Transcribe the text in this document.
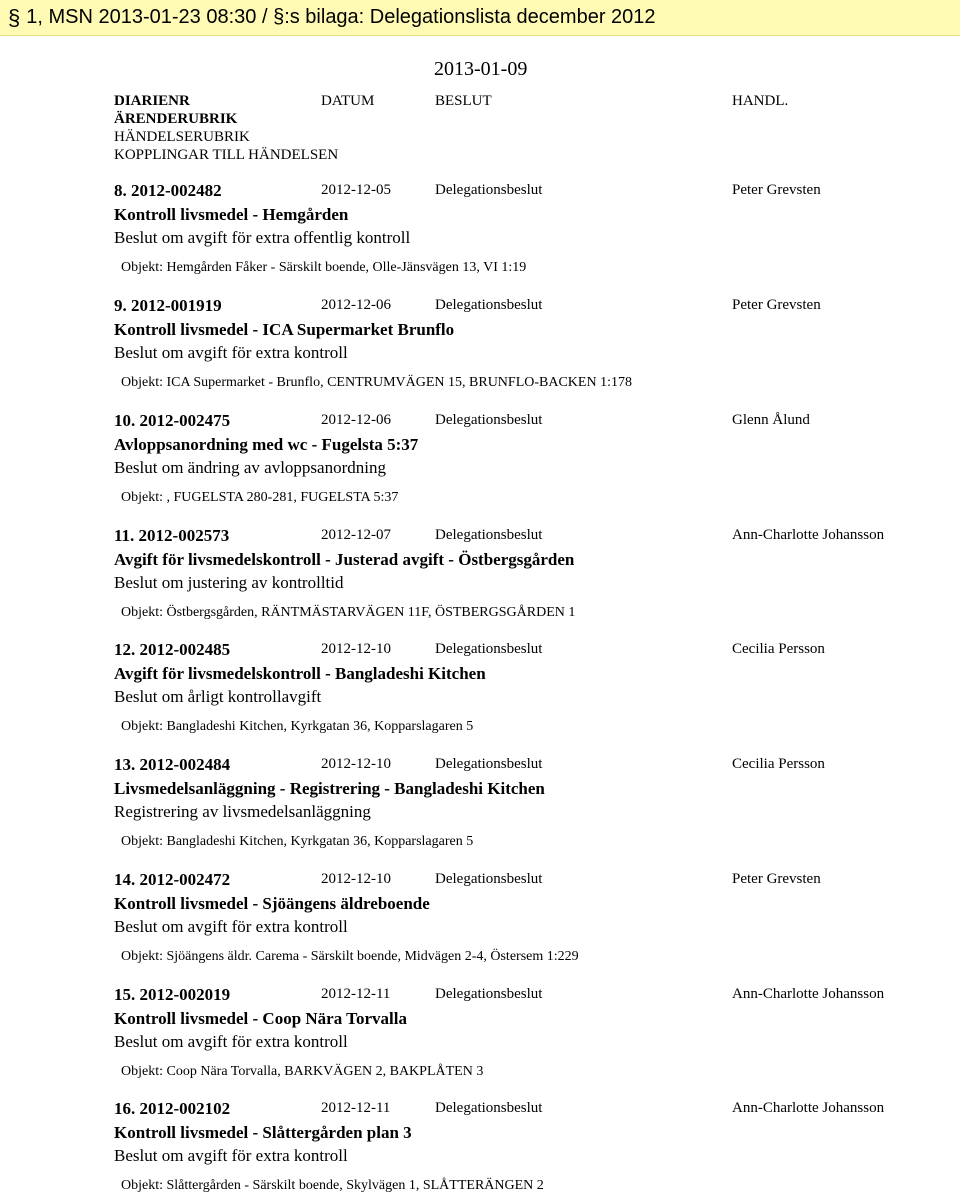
§ 1, MSN 2013-01-23 08:30 / §:s bilaga: Delegationslista december 2012
2013-01-09
DIARIENR	DATUM	BESLUT	HANDL.
ÄRENDERUBRIK
HÄNDELSERUBRIK
KOPPLINGAR TILL HÄNDELSEN
8. 2012-002482	2012-12-05	Delegationsbeslut	Peter Grevsten
Kontroll livsmedel - Hemgården
Beslut om avgift för extra offentlig kontroll
Objekt: Hemgården Fåker - Särskilt boende, Olle-Jänsvägen 13, VI 1:19
9. 2012-001919	2012-12-06	Delegationsbeslut	Peter Grevsten
Kontroll livsmedel - ICA Supermarket Brunflo
Beslut om avgift för extra kontroll
Objekt: ICA Supermarket - Brunflo, CENTRUMVÄGEN 15, BRUNFLO-BACKEN 1:178
10. 2012-002475	2012-12-06	Delegationsbeslut	Glenn Ålund
Avloppsanordning med wc - Fugelsta 5:37
Beslut om ändring av avloppsanordning
Objekt: , FUGELSTA 280-281, FUGELSTA 5:37
11. 2012-002573	2012-12-07	Delegationsbeslut	Ann-Charlotte Johansson
Avgift för livsmedelskontroll - Justerad avgift - Östbergsgården
Beslut om justering av kontrolltid
Objekt: Östbergsgården, RÄNTMÄSTARVÄGEN 11F, ÖSTBERGSGÅRDEN 1
12. 2012-002485	2012-12-10	Delegationsbeslut	Cecilia Persson
Avgift för livsmedelskontroll - Bangladeshi Kitchen
Beslut om årligt kontrollavgift
Objekt: Bangladeshi Kitchen, Kyrkgatan 36, Kopparslagaren 5
13. 2012-002484	2012-12-10	Delegationsbeslut	Cecilia Persson
Livsmedelsanläggning - Registrering - Bangladeshi Kitchen
Registrering av livsmedelsanläggning
Objekt: Bangladeshi Kitchen, Kyrkgatan 36, Kopparslagaren 5
14. 2012-002472	2012-12-10	Delegationsbeslut	Peter Grevsten
Kontroll livsmedel - Sjöängens äldreboende
Beslut om avgift för extra kontroll
Objekt: Sjöängens äldr. Carema - Särskilt boende, Midvägen 2-4, Östersem 1:229
15. 2012-002019	2012-12-11	Delegationsbeslut	Ann-Charlotte Johansson
Kontroll livsmedel - Coop Nära Torvalla
Beslut om avgift för extra kontroll
Objekt: Coop Nära Torvalla, BARKVÄGEN 2, BAKPLÅTEN 3
16. 2012-002102	2012-12-11	Delegationsbeslut	Ann-Charlotte Johansson
Kontroll livsmedel - Slåttergården plan 3
Beslut om avgift för extra kontroll
Objekt: Slåttergården - Särskilt boende, Skylvägen 1, SLÅTTERÄNGEN 2
